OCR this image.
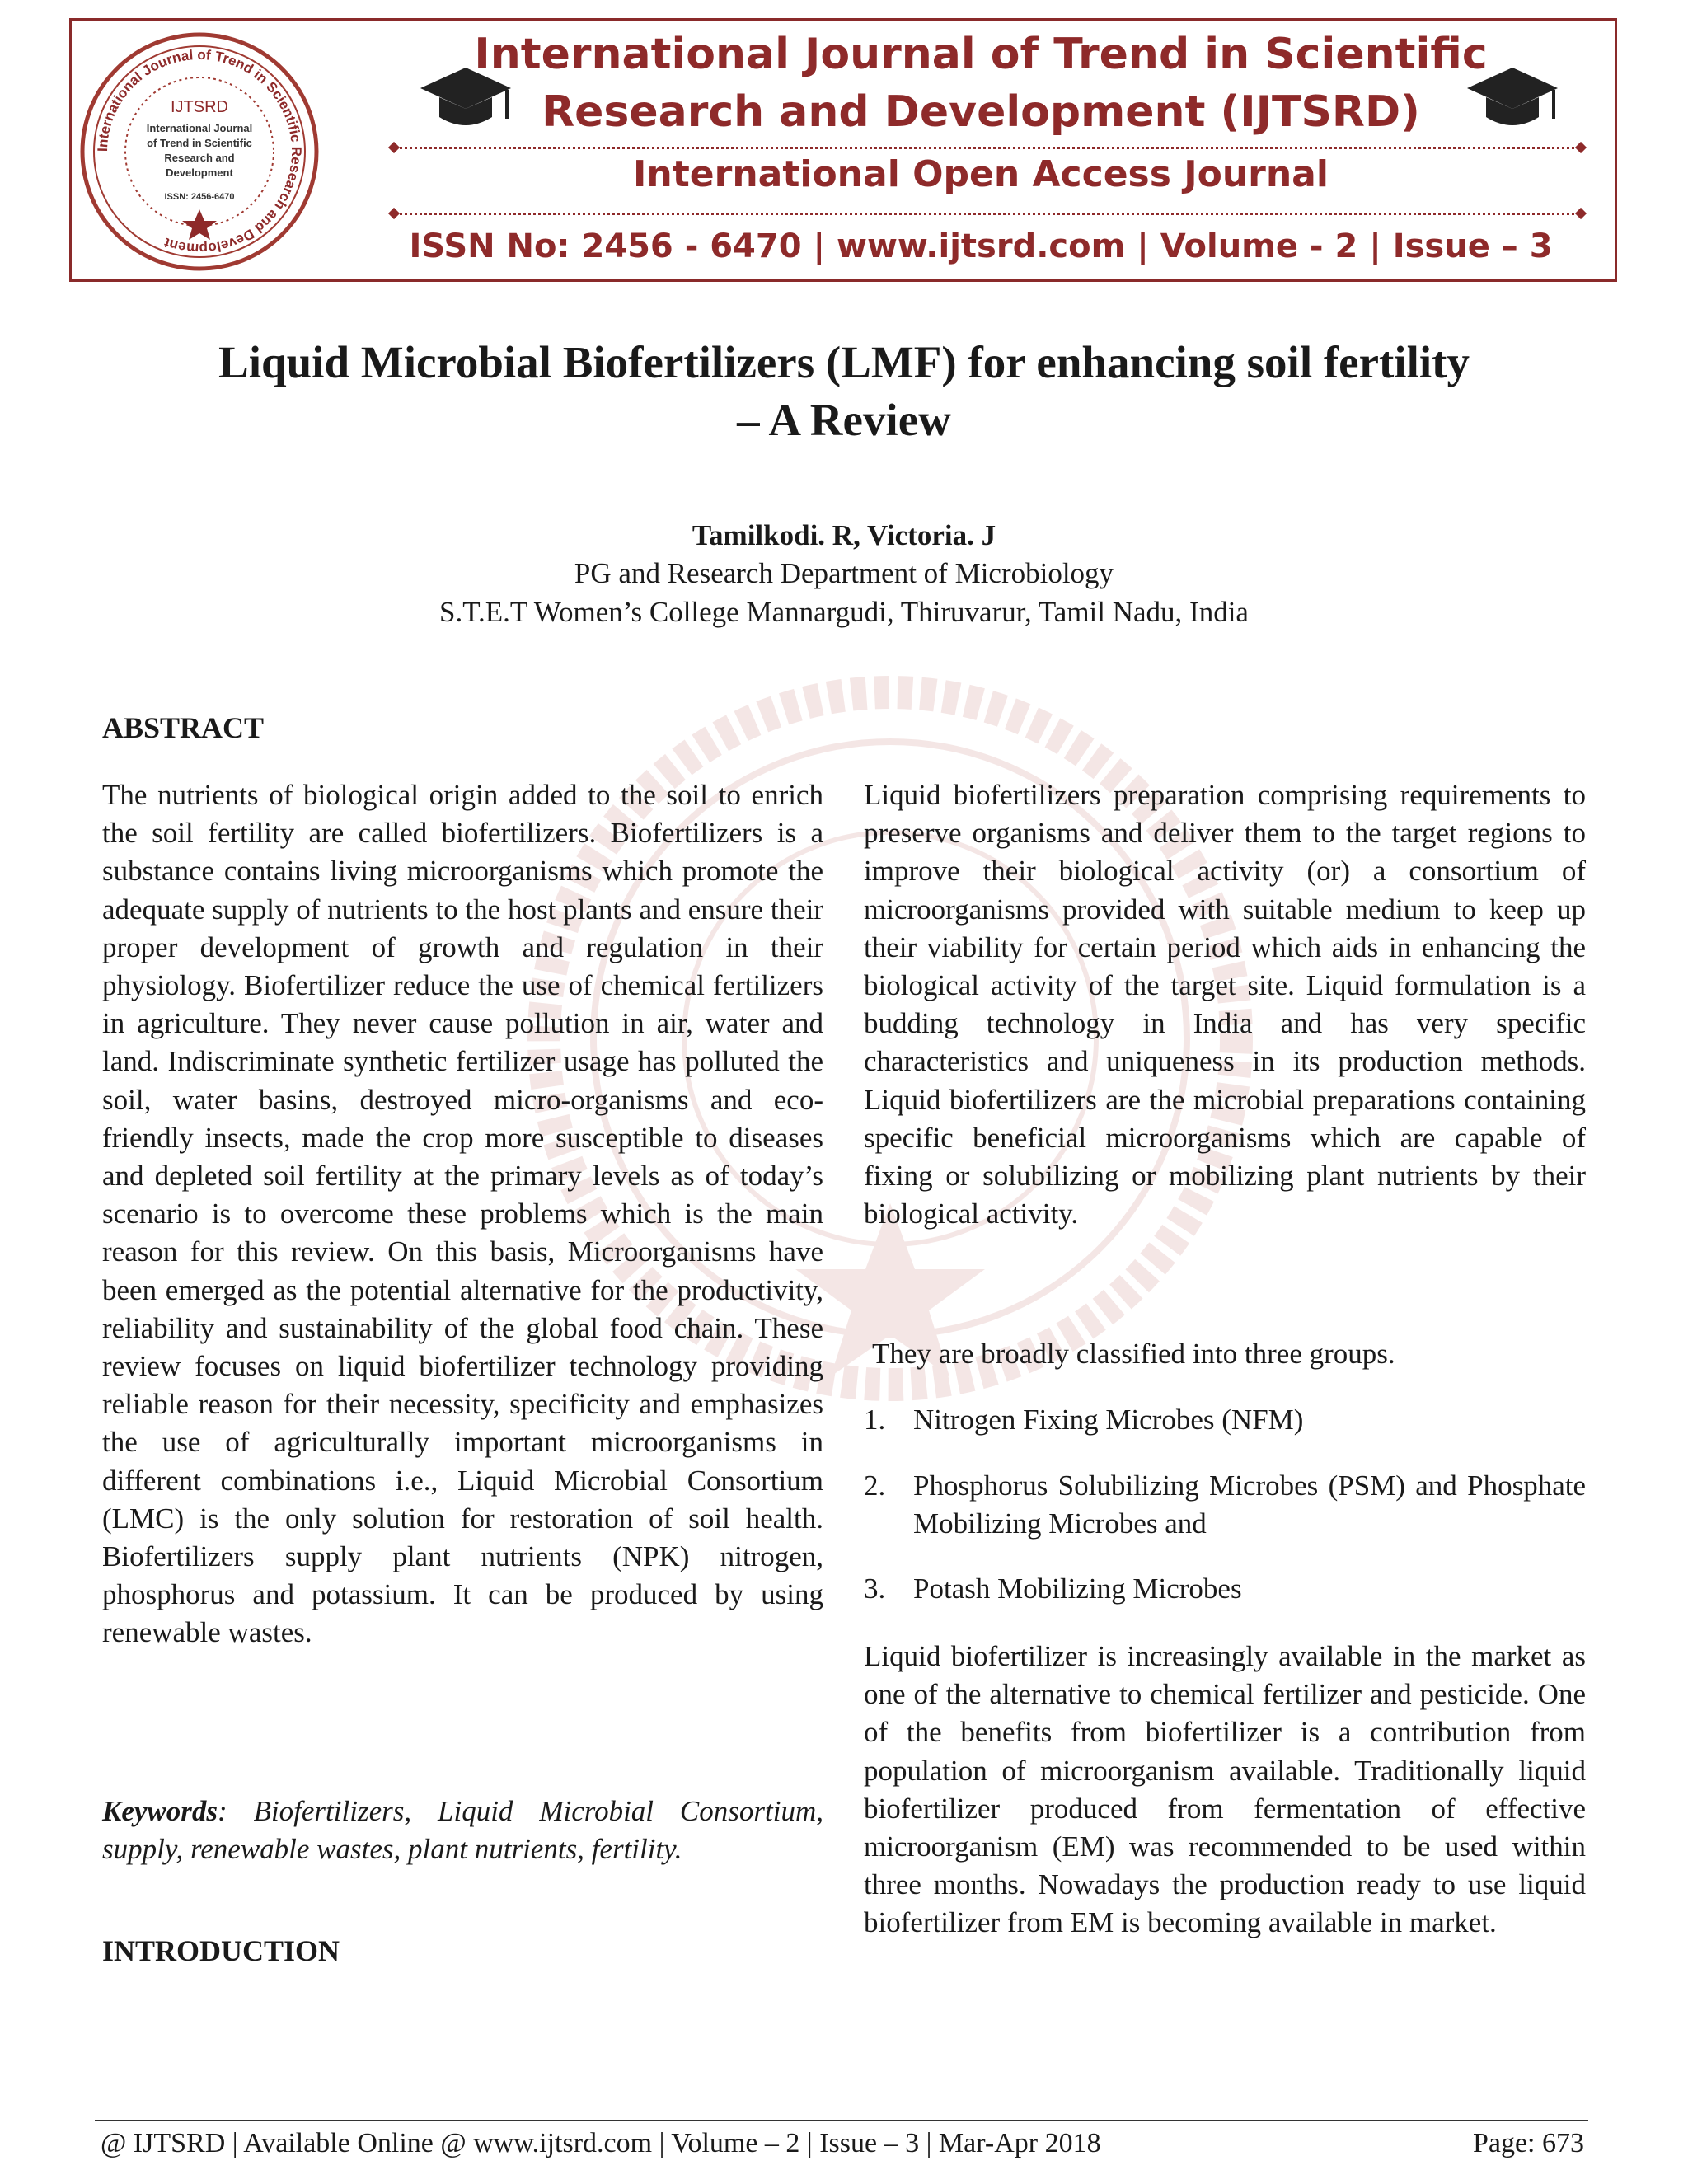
International Journal of Trend in Scientific Research and Development
IJTSRD
International Journal
of Trend in Scientific
Research and
Development
ISSN: 2456-6470
International Journal of Trend in Scientific
Research and Development (IJTSRD)
International Open Access Journal
ISSN No: 2456 - 6470 | www.ijtsrd.com | Volume - 2 | Issue – 3
Liquid Microbial Biofertilizers (LMF) for enhancing soil fertility
– A Review
Tamilkodi. R, Victoria. J
PG and Research Department of Microbiology
S.T.E.T Women’s College Mannargudi, Thiruvarur, Tamil Nadu, India
ABSTRACT
The nutrients of biological origin added to the soil to enrich the soil fertility are called biofertilizers. Biofertilizers is a substance contains living microorganisms which promote the adequate supply of nutrients to the host plants and ensure their proper development of growth and regulation in their physiology. Biofertilizer reduce the use of chemical fertilizers in agriculture. They never cause pollution in air, water and land. Indiscriminate synthetic fertilizer usage has polluted the soil, water basins, destroyed micro-organisms and eco-friendly insects, made the crop more susceptible to diseases and depleted soil fertility at the primary levels as of today’s scenario is to overcome these problems which is the main reason for this review. On this basis, Microorganisms have been emerged as the potential alternative for the productivity, reliability and sustainability of the global food chain. These review focuses on liquid biofertilizer technology providing reliable reason for their necessity, specificity and emphasizes the use of agriculturally important microorganisms in different combinations i.e., Liquid Microbial Consortium (LMC) is the only solution for restoration of soil health. Biofertilizers supply plant nutrients (NPK) nitrogen, phosphorus and potassium. It can be produced by using renewable wastes.
Keywords: Biofertilizers, Liquid Microbial Consortium, supply, renewable wastes, plant nutrients, fertility.
INTRODUCTION
Liquid biofertilizers preparation comprising requirements to preserve organisms and deliver them to the target regions to improve their biological activity (or) a consortium of microorganisms provided with suitable medium to keep up their viability for certain period which aids in enhancing the biological activity of the target site. Liquid formulation is a budding technology in India and has very specific characteristics and uniqueness in its production methods. Liquid biofertilizers are the microbial preparations containing specific beneficial microorganisms which are capable of fixing or solubilizing or mobilizing plant nutrients by their biological activity.
They are broadly classified into three groups.
1. Nitrogen Fixing Microbes (NFM)
2. Phosphorus Solubilizing Microbes (PSM) and Phosphate Mobilizing Microbes and
3. Potash Mobilizing Microbes
Liquid biofertilizer is increasingly available in the market as one of the alternative to chemical fertilizer and pesticide. One of the benefits from biofertilizer is a contribution from population of microorganism available. Traditionally liquid biofertilizer produced from fermentation of effective microorganism (EM) was recommended to be used within three months. Nowadays the production ready to use liquid biofertilizer from EM is becoming available in market.
@ IJTSRD | Available Online @ www.ijtsrd.com | Volume – 2 | Issue – 3 | Mar-Apr 2018	Page: 673
